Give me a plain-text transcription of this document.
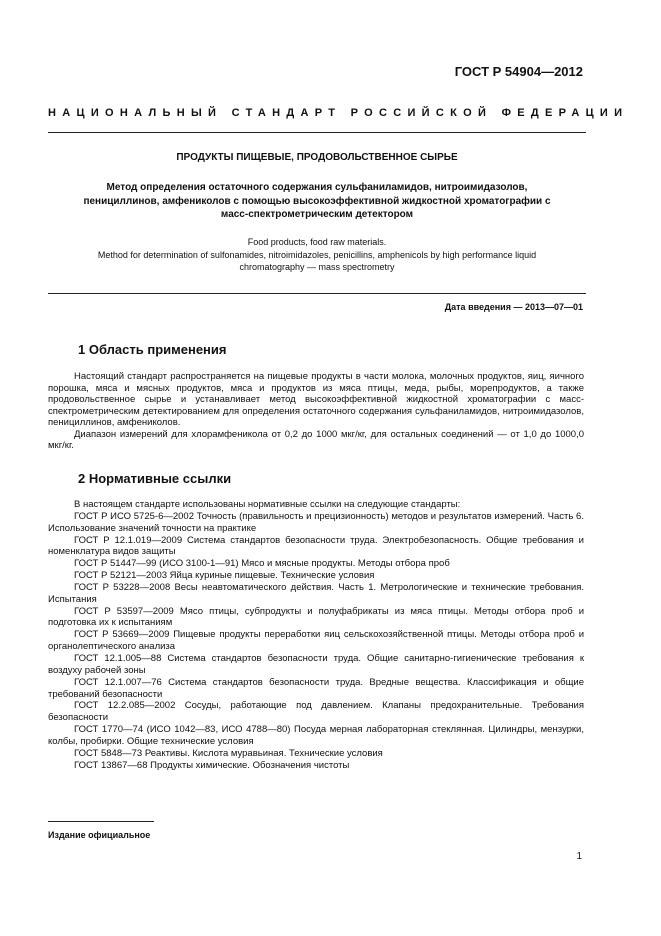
ГОСТ Р 54904—2012
НАЦИОНАЛЬНЫЙ СТАНДАРТ РОССИЙСКОЙ ФЕДЕРАЦИИ
ПРОДУКТЫ ПИЩЕВЫЕ, ПРОДОВОЛЬСТВЕННОЕ СЫРЬЕ
Метод определения остаточного содержания сульфаниламидов, нитроимидазолов, пенициллинов, амфениколов с помощью высокоэффективной жидкостной хроматографии с масс-спектрометрическим детектором
Food products, food raw materials.
Method for determination of sulfonamides, nitroimidazoles, penicillins, amphenicols by high performance liquid chromatography — mass spectrometry
Дата введения — 2013—07—01
1 Область применения

Настоящий стандарт распространяется на пищевые продукты в части молока, молочных продуктов, яиц, яичного порошка, мяса и мясных продуктов, мяса и продуктов из мяса птицы, меда, рыбы, морепродуктов, а также продовольственное сырье и устанавливает метод высокоэффективной жидкостной хроматографии с масс-спектрометрическим детектированием для определения остаточного содержания сульфаниламидов, нитроимидазолов, пенициллинов, амфениколов.

Диапазон измерений для хлорамфеникола от 0,2 до 1000 мкг/кг, для остальных соединений — от 1,0 до 1000,0 мкг/кг.

2 Нормативные ссылки

В настоящем стандарте использованы нормативные ссылки на следующие стандарты:

ГОСТ Р ИСО 5725-6—2002 Точность (правильность и прецизионность) методов и результатов измерений. Часть 6. Использование значений точности на практике

ГОСТ Р 12.1.019—2009 Система стандартов безопасности труда. Электробезопасность. Общие требования и номенклатура видов защиты

ГОСТ Р 51447—99 (ИСО 3100-1—91) Мясо и мясные продукты. Методы отбора проб

ГОСТ Р 52121—2003 Яйца куриные пищевые. Технические условия

ГОСТ Р 53228—2008 Весы неавтоматического действия. Часть 1. Метрологические и технические требования. Испытания

ГОСТ Р 53597—2009 Мясо птицы, субпродукты и полуфабрикаты из мяса птицы. Методы отбора проб и подготовка их к испытаниям

ГОСТ Р 53669—2009 Пищевые продукты переработки яиц сельскохозяйственной птицы. Методы отбора проб и органолептического анализа

ГОСТ 12.1.005—88 Система стандартов безопасности труда. Общие санитарно-гигиенические требования к воздуху рабочей зоны

ГОСТ 12.1.007—76 Система стандартов безопасности труда. Вредные вещества. Классификация и общие требований безопасности

ГОСТ 12.2.085—2002 Сосуды, работающие под давлением. Клапаны предохранительные. Требования безопасности

ГОСТ 1770—74 (ИСО 1042—83, ИСО 4788—80) Посуда мерная лабораторная стеклянная. Цилиндры, мензурки, колбы, пробирки. Общие технические условия

ГОСТ 5848—73 Реактивы. Кислота муравьиная. Технические условия

ГОСТ 13867—68 Продукты химические. Обозначения чистоты

Издание официальное
1
